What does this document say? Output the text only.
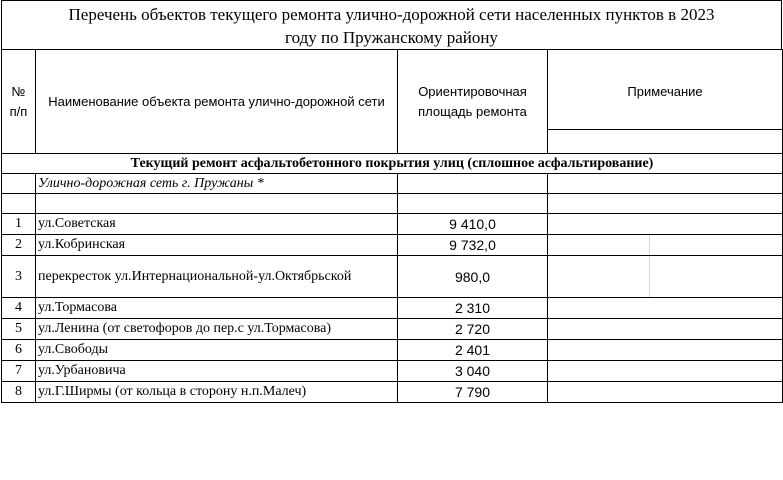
Перечень объектов текущего ремонта улично-дорожной сети населенных пунктов в 2023
году по Пружанскому району
№
п/п	Наименование объекта ремонта улично-дорожной сети	Ориентировочная площадь ремонта	Примечание	

Текущий ремонт асфальтобетонного покрытия улиц (сплошное асфальтирование)				
	Улично-дорожная сеть г. Пружаны *			

1	ул.Советская	9 410,0		
2	ул.Кобринская	9 732,0		
3	перекресток ул.Интернациональной-ул.Октябрьской	980,0		
4	ул.Тормасова	2 310		
5	ул.Ленина (от светофоров до пер.с ул.Тормасова)	2 720		
6	ул.Свободы	2 401		
7	ул.Урбановича	3 040		
8	ул.Г.Ширмы (от кольца в сторону н.п.Малеч)	7 790		
